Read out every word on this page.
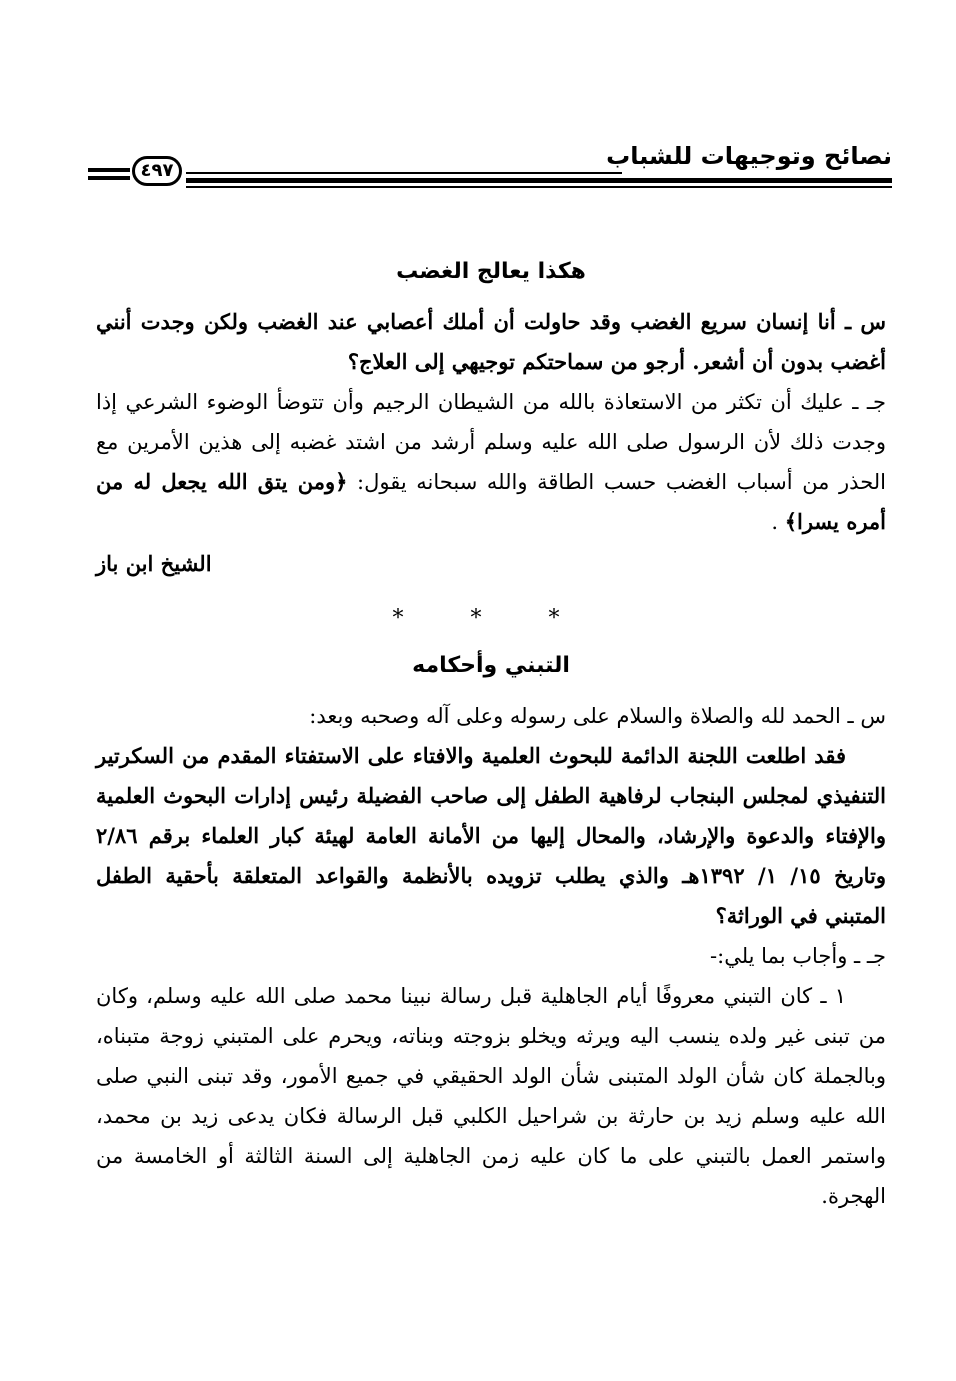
نصائح وتوجيهات للشباب
٤٩٧
هكذا يعالج الغضب

س ـ أنا إنسان سريع الغضب وقد حاولت أن أملك أعصابي عند الغضب ولكن وجدت أنني أغضب بدون أن أشعر. أرجو من سماحتكم توجيهي إلى العلاج؟

جـ ـ عليك أن تكثر من الاستعاذة بالله من الشيطان الرجيم وأن تتوضأ الوضوء الشرعي إذا وجدت ذلك لأن الرسول صلى الله عليه وسلم أرشد من اشتد غضبه إلى هذين الأمرين مع الحذر من أسباب الغضب حسب الطاقة والله سبحانه يقول: ﴿ومن يتق الله يجعل له من أمره يسرا﴾ .

الشيخ ابن باز

* * *

التبني وأحكامه

س ـ الحمد لله والصلاة والسلام على رسوله وعلى آله وصحبه وبعد:

فقد اطلعت اللجنة الدائمة للبحوث العلمية والافتاء على الاستفتاء المقدم من السكرتير التنفيذي لمجلس البنجاب لرفاهية الطفل إلى صاحب الفضيلة رئيس إدارات البحوث العلمية والإفتاء والدعوة والإرشاد، والمحال إليها من الأمانة العامة لهيئة كبار العلماء برقم ٢/٨٦ وتاريخ ١٥/ ١/ ١٣٩٢هـ والذي يطلب تزويده بالأنظمة والقواعد المتعلقة بأحقية الطفل المتبني في الوراثة؟

جـ ـ وأجاب بما يلي:-

١ ـ كان التبني معروفًا أيام الجاهلية قبل رسالة نبينا محمد صلى الله عليه وسلم، وكان من تبنى غير ولده ينسب اليه ويرثه ويخلو بزوجته وبناته، ويحرم على المتبني زوجة متبناه، وبالجملة كان شأن الولد المتبنى شأن الولد الحقيقي في جميع الأمور، وقد تبنى النبي صلى الله عليه وسلم زيد بن حارثة بن شراحيل الكلبي قبل الرسالة فكان يدعى زيد بن محمد، واستمر العمل بالتبني على ما كان عليه زمن الجاهلية إلى السنة الثالثة أو الخامسة من الهجرة.
